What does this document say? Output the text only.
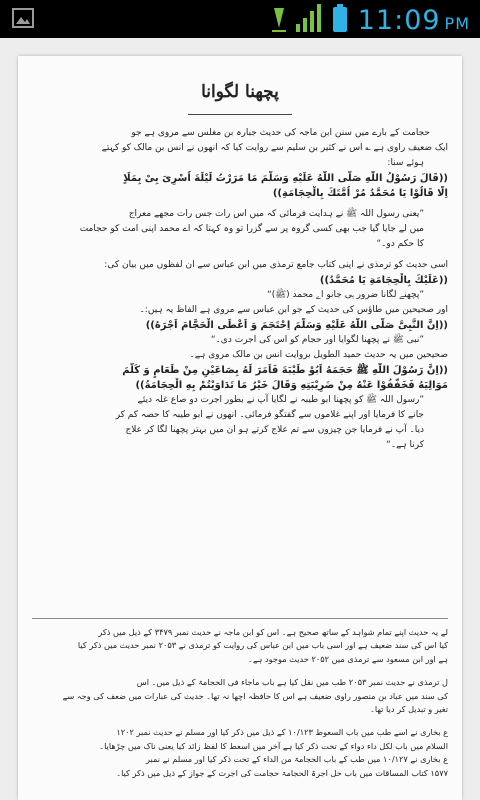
11:09 PM
پچھنا لگوانا
حجامت کے بارے میں سنن ابن ماجہ کی حدیث جبارہ بن مغلس سے مروی ہے جو
ایک ضعیف راوی ہے ؎ اس نے کثیر بن سلیم سے روایت کیا کہ انھوں نے انس بن مالک کو کہتے
ہوئے سنا:
((قَالَ رَسُوْلُ اللّٰهِ صَلَّی اللّٰهُ عَلَیْهِ وَسَلَّمَ مَا مَرَرْتُ لَیْلَةَ اُسْرِیَ بِیْ بِمَلَاٍ
اِلَّا قَالُوْا یَا مُحَمَّدُ مُرْ اُمَّتَكَ بِالْحِجَامَةِ))
”یعنی رسول اللہ ﷺ نے ہدایت فرمائی کہ میں اس رات جس رات مجھے معراج
میں لے جایا گیا جب بھی کسی گروہ پر سے گزرا تو وہ کہتا کہ اے محمد اپنی امت کو حجامت
کا حکم دو۔“
اسی حدیث کو ترمذی نے اپنی کتاب جامع ترمذی میں ابن عباس سے ان لفظوں میں بیان کی:
((عَلَیْكَ بِالْحِجَامَةِ یَا مُحَمَّدُ))
”پچھنے لگانا ضرور ہی جانو اے محمد (ﷺ)“
اور صحیحین میں طاؤس کی حدیث کے جو ابن عباس سے مروی ہے الفاظ یہ ہیں:۔
((اِنَّ النَّبِیَّ صَلَّی اللّٰهُ عَلَیْهِ وَسَلَّمَ اِحْتَجَمَ وَ اَعْطَی الْحَجَّامَ اَجْرَهُ))
”نبی ﷺ نے پچھنا لگوایا اور حجام کو اس کی اجرت دی۔“
صحیحین میں یہ حدیث حمید الطویل بروایت انس بن مالک مروی ہے۔
((اِنَّ رَسُوْلَ اللّٰهِ ﷺ حَجَمَهُ اَبُوْ طَیْبَةَ فَاَمَرَ لَهُ بِصَاعَیْنِ مِنْ طَعَامٍ وَ كَلَّمَ
مَوَالِیَهُ فَخَفَّفُوْا عَنْهُ مِنْ ضَرِیْبَتِهِ وَقَالَ خَیْرُ مَا تَدَاوَیْتُمْ بِهِ الْحِجَامَةُ))
”رسول اللہ ﷺ کو پچھنا ابو طیبہ نے لگایا آپ نے بطور اجرت دو صاع غلہ دیئے
جانے کا فرمایا اور اپنے غلاموں سے گفتگو فرمائی۔ انھوں نے ابو طیبہ کا حصہ کم کر
دیا۔ آپ نے فرمایا جن چیزوں سے تم علاج کرتے ہو ان میں بہتر پچھنا لگا کر علاج
کرنا ہے۔“
لے یہ حدیث اپنے تمام شواہد کے ساتھ صحیح ہے۔ اس کو ابن ماجہ نے حدیث نمبر ۳۴۷۹ کے ذیل میں ذکر
کیا اس کی سند ضعیف ہے اور اسی باب میں ابن عباس کی روایت کو ترمذی نے ۲۰۵۳ نمبر حدیث میں ذکر کیا
ہے اور ابن مسعود سے ترمذی میں ۲۰۵۲ حدیث موجود ہے۔
ل ترمذی نے حدیث نمبر ۲۰۵۳ طب میں نقل کیا ہے باب ماجاء فی الحجامۃ کے ذیل میں۔ اس
کی سند میں عباد بن منصور راوی ضعیف ہے اس کا حافظہ اچھا نہ تھا۔ حدیث کی عبارات میں ضعف کی وجہ سے
تغیر و تبدیل کر دیا تھا۔
ع بخاری نے اسے طب میں باب السعوط ۱۰/۱۲۳ کے ذیل میں ذکر کیا اور مسلم نے حدیث نمبر ۱۲۰۲
السلام میں باب لکل داء دواء کے تحت ذکر کیا ہے آخر میں اسعط کا لفظ زائد کیا یعنی ناک میں چڑھایا۔
ع بخاری نے ۱۰/۱۲۷ میں طب کے باب الحجامۃ من الداء کے تحت ذکر کیا اور مسلم نے نمبر
۱۵۷۷ کتاب المساقات میں باب حل اجرۃ الحجامۃ حجامت کی اجرت کے جواز کے ذیل میں ذکر کیا۔
